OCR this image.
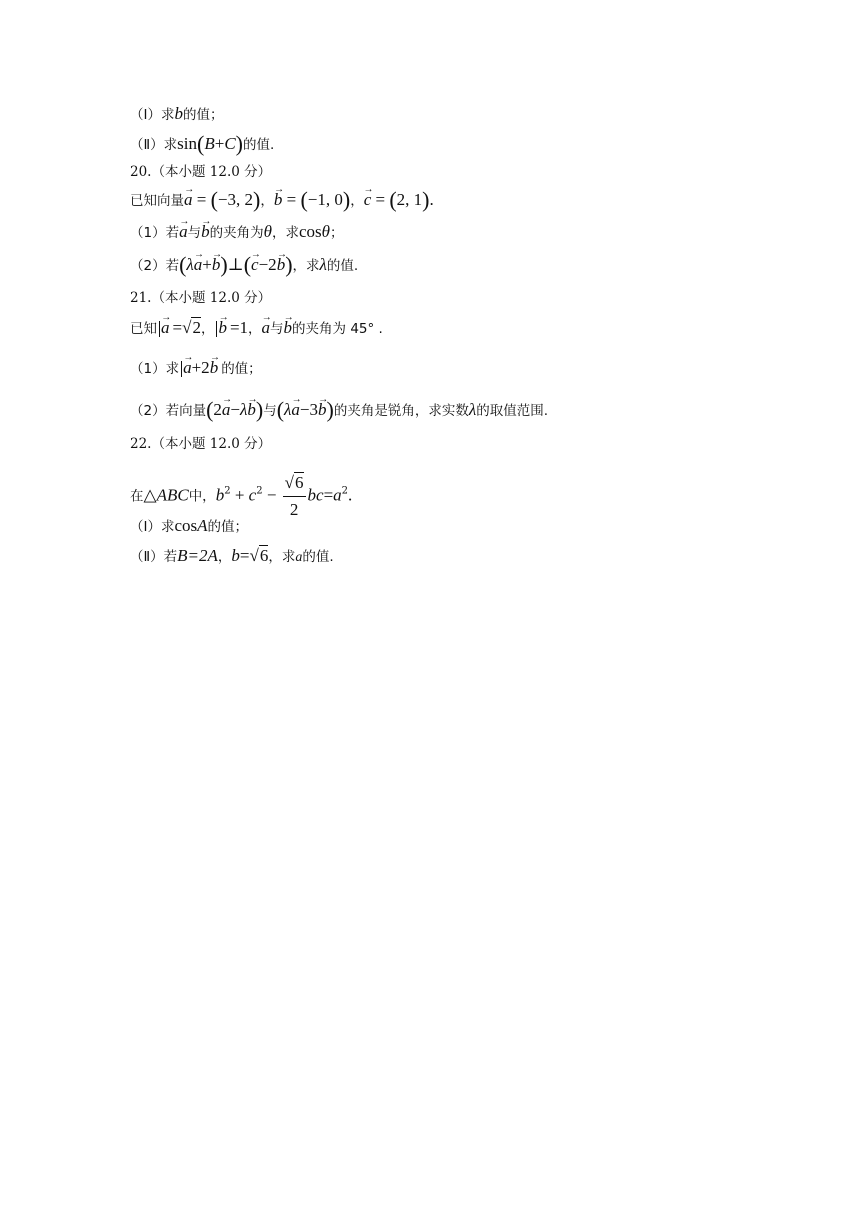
（Ⅰ）求b的值；
（Ⅱ）求sin(B+C)的值.
20.（本小题 12.0 分）
已知向量→ a = (−3, 2)，→ b = (−1, 0)，→ c = (2, 1).
（1）若→ a与→ b的夹角为θ，求cosθ；
（2）若(λ→ a+→ b)⊥(→ c−2→ b)，求λ的值.
21.（本小题 12.0 分）
已知 → a =√2， → b =1，→ a与→ b的夹角为 45° .
（1）求 → a+2→ b 的值；
（2）若向量(2→ a−λ→ b)与(λ→ a−3→ b)的夹角是锐角，求实数λ的取值范围.
22.（本小题 12.0 分）
在△ABC中，$b^2 + c^2 - \frac{√6}{2} bc=a^2$.
（Ⅰ）求cosA的值；
（Ⅱ）若B=2A，b=√6，求a的值.
